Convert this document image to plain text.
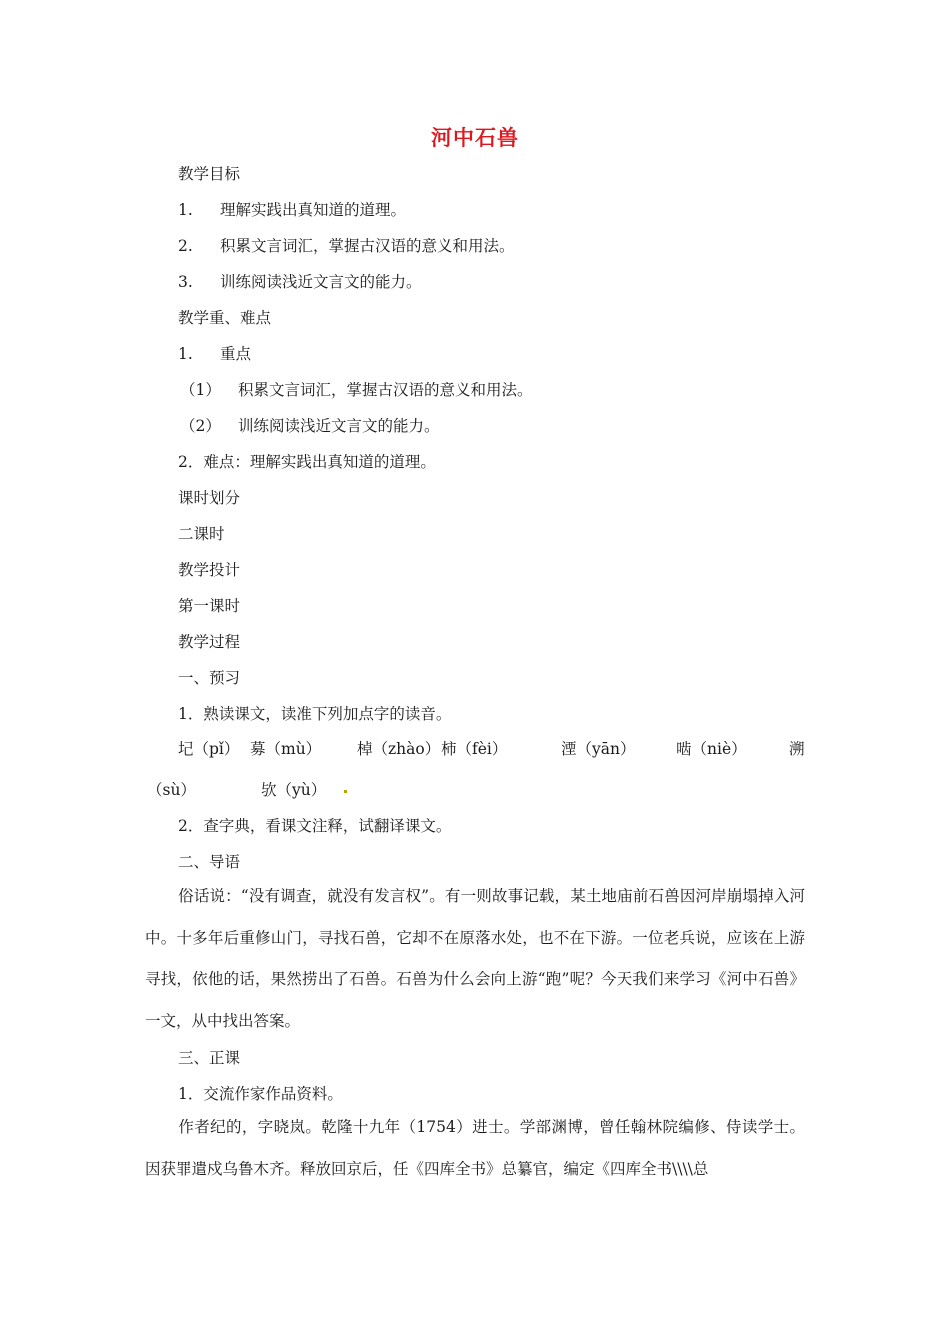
河中石兽
教学目标
1. 理解实践出真知道的道理。
2. 积累文言词汇，掌握古汉语的意义和用法。
3. 训练阅读浅近文言文的能力。
教学重、难点
1. 重点
（1） 积累文言词汇，掌握古汉语的意义和用法。
（2） 训练阅读浅近文言文的能力。
2．难点：理解实践出真知道的道理。
课时划分
二课时
教学投计
第一课时
教学过程
一、预习
1．熟读课文，读准下列加点字的读音。
圮（pǐ） 募（mù） 棹（zhào） 柿（fèi）	湮（yān）	啮（niè）	溯
（sù）	欤（yù）
2．查字典，看课文注释，试翻译课文。
二、导语
俗话说：“没有调查，就没有发言权”。有一则故事记载，某土地庙前石兽因河岸崩塌掉入河中。十多年后重修山门，寻找石兽，它却不在原落水处，也不在下游。一位老兵说，应该在上游寻找，依他的话，果然捞出了石兽。石兽为什么会向上游“跑”呢？今天我们来学习《河中石兽》一文，从中找出答案。
三、正课
1．交流作家作品资料。
作者纪的，字晓岚。乾隆十九年（1754）进士。学部渊博，曾任翰林院编修、侍读学士。因获罪遣戍乌鲁木齐。释放回京后，任《四库全书》总纂官，编定《四库全书\\\\总
